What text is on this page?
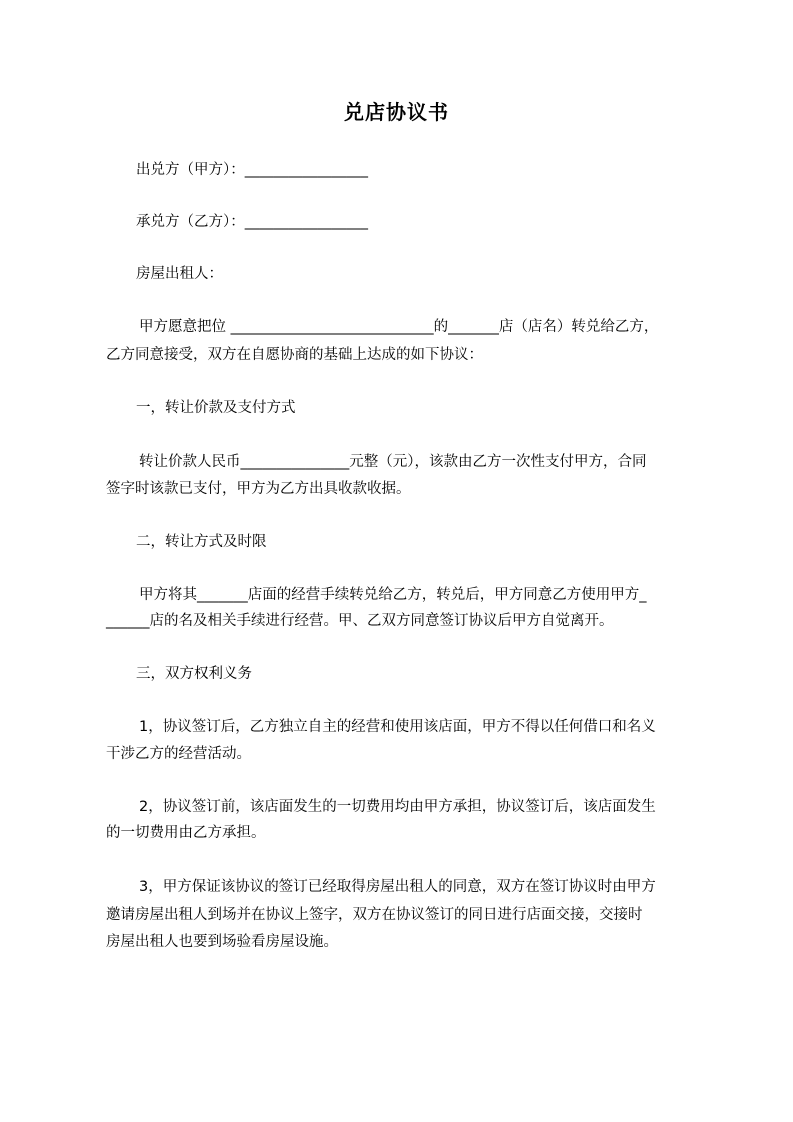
兑店协议书
出兑方（甲方）：_________________
承兑方（乙方）：_________________
房屋出租人：
甲方愿意把位 ____________________________的_______店（店名）转兑给乙方，
乙方同意接受，双方在自愿协商的基础上达成的如下协议：
一，转让价款及支付方式
转让价款人民币_______________元整（元），该款由乙方一次性支付甲方，合同
签字时该款已支付，甲方为乙方出具收款收据。
二，转让方式及时限
甲方将其_______店面的经营手续转兑给乙方，转兑后，甲方同意乙方使用甲方_
______店的名及相关手续进行经营。甲、乙双方同意签订协议后甲方自觉离开。
三，双方权利义务
1，协议签订后，乙方独立自主的经营和使用该店面，甲方不得以任何借口和名义
干涉乙方的经营活动。
2，协议签订前，该店面发生的一切费用均由甲方承担，协议签订后，该店面发生
的一切费用由乙方承担。
3，甲方保证该协议的签订已经取得房屋出租人的同意，双方在签订协议时由甲方
邀请房屋出租人到场并在协议上签字，双方在协议签订的同日进行店面交接，交接时
房屋出租人也要到场验看房屋设施。
